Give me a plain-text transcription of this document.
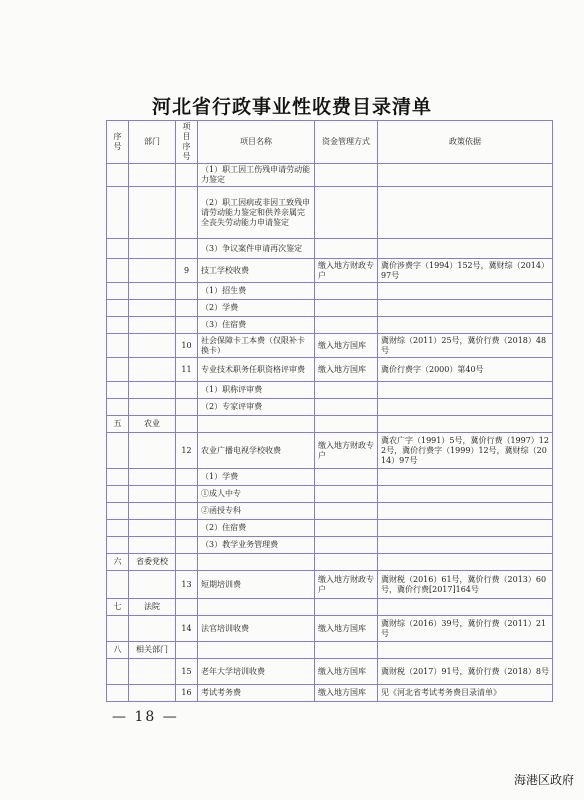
河北省行政事业性收费目录清单
序号	部门	项目序号	项目名称	资金管理方式	政策依据
			（1）职工因工伤残申请劳动能力鉴定		
			（2）职工因病或非因工致残申请劳动能力鉴定和供养亲属完全丧失劳动能力申请鉴定		
			（3）争议案件申请再次鉴定		
		9	技工学校收费	缴入地方财政专户	冀价涉费字（1994）152号，冀财综（2014）97号
			（1）招生费		
			（2）学费		
			（3）住宿费		
		10	社会保障卡工本费（仅限补卡换卡）	缴入地方国库	冀财综（2011）25号，冀价行费（2018）48号
		11	专业技术职务任职资格评审费	缴入地方国库	冀价行费字（2000）第40号
			（1）职称评审费		
			（2）专家评审费		
五	农业				
		12	农业广播电视学校收费	缴入地方财政专户	冀农广字（1991）5号，冀价行费（1997）122号，冀价行费字（1999）12号，冀财综（2014）97号
			（1）学费		
			①成人中专		
			②函授专科		
			（2）住宿费		
			（3）教学业务管理费		
六	省委党校				
		13	短期培训费	缴入地方财政专户	冀财税（2016）61号，冀价行费（2013）60号，冀价行费[2017]164号
七	法院				
		14	法官培训收费	缴入地方国库	冀财综（2016）39号，冀价行费（2011）21号
八	相关部门				
		15	老年大学培训收费	缴入地方国库	冀财税（2017）91号，冀价行费（2018）8号
		16	考试考务费	缴入地方国库	见《河北省考试考务费目录清单》
— 18 —
海港区政府
